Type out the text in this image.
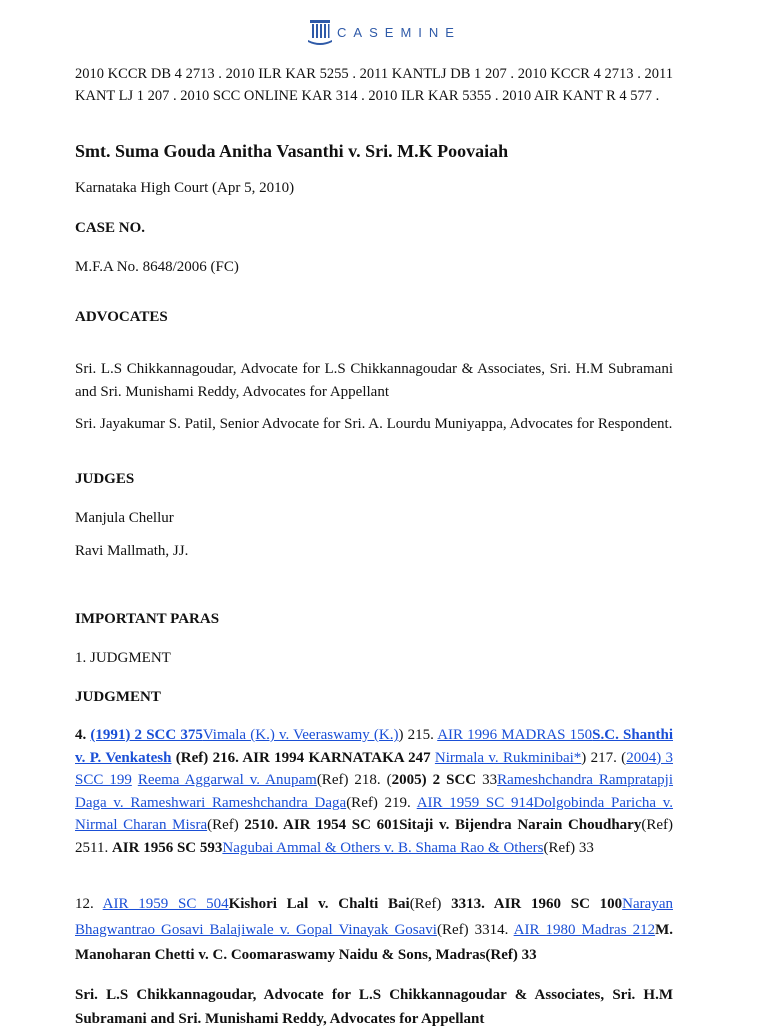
CASEMINE
2010 KCCR DB 4 2713 . 2010 ILR KAR 5255 . 2011 KANTLJ DB 1 207 . 2010 KCCR 4 2713 . 2011 KANT LJ 1 207 . 2010 SCC ONLINE KAR 314 . 2010 ILR KAR 5355 . 2010 AIR KANT R 4 577 .
Smt. Suma Gouda Anitha Vasanthi v. Sri. M.K Poovaiah
Karnataka High Court (Apr 5, 2010)
CASE NO.
M.F.A No. 8648/2006 (FC)
ADVOCATES
Sri. L.S Chikkannagoudar, Advocate for L.S Chikkannagoudar & Associates, Sri. H.M Subramani and Sri. Munishami Reddy, Advocates for Appellant
Sri. Jayakumar S. Patil, Senior Advocate for Sri. A. Lourdu Muniyappa, Advocates for Respondent.
JUDGES
Manjula Chellur
Ravi Mallmath, JJ.
IMPORTANT PARAS
1. JUDGMENT
JUDGMENT
4. (1991) 2 SCC 375Vimala (K.) v. Veeraswamy (K.)) 215. AIR 1996 MADRAS 150S.C. Shanthi v. P. Venkatesh (Ref) 216. AIR 1994 KARNATAKA 247 Nirmala v. Rukminibai*) 217. (2004) 3 SCC 199 Reema Aggarwal v. Anupam(Ref) 218. (2005) 2 SCC 33Rameshchandra Rampratapji Daga v. Rameshwari Rameshchandra Daga(Ref) 219. AIR 1959 SC 914Dolgobinda Paricha v. Nirmal Charan Misra(Ref) 2510. AIR 1954 SC 601Sitaji v. Bijendra Narain Choudhary(Ref) 2511. AIR 1956 SC 593Nagubai Ammal & Others v. B. Shama Rao & Others(Ref) 33
12. AIR 1959 SC 504Kishori Lal v. Chalti Bai(Ref) 3313. AIR 1960 SC 100Narayan Bhagwantrao Gosavi Balajiwale v. Gopal Vinayak Gosavi(Ref) 3314. AIR 1980 Madras 212M. Manoharan Chetti v. C. Coomaraswamy Naidu & Sons, Madras(Ref) 33
Sri. L.S Chikkannagoudar, Advocate for L.S Chikkannagoudar & Associates, Sri. H.M Subramani and Sri. Munishami Reddy, Advocates for Appellant
